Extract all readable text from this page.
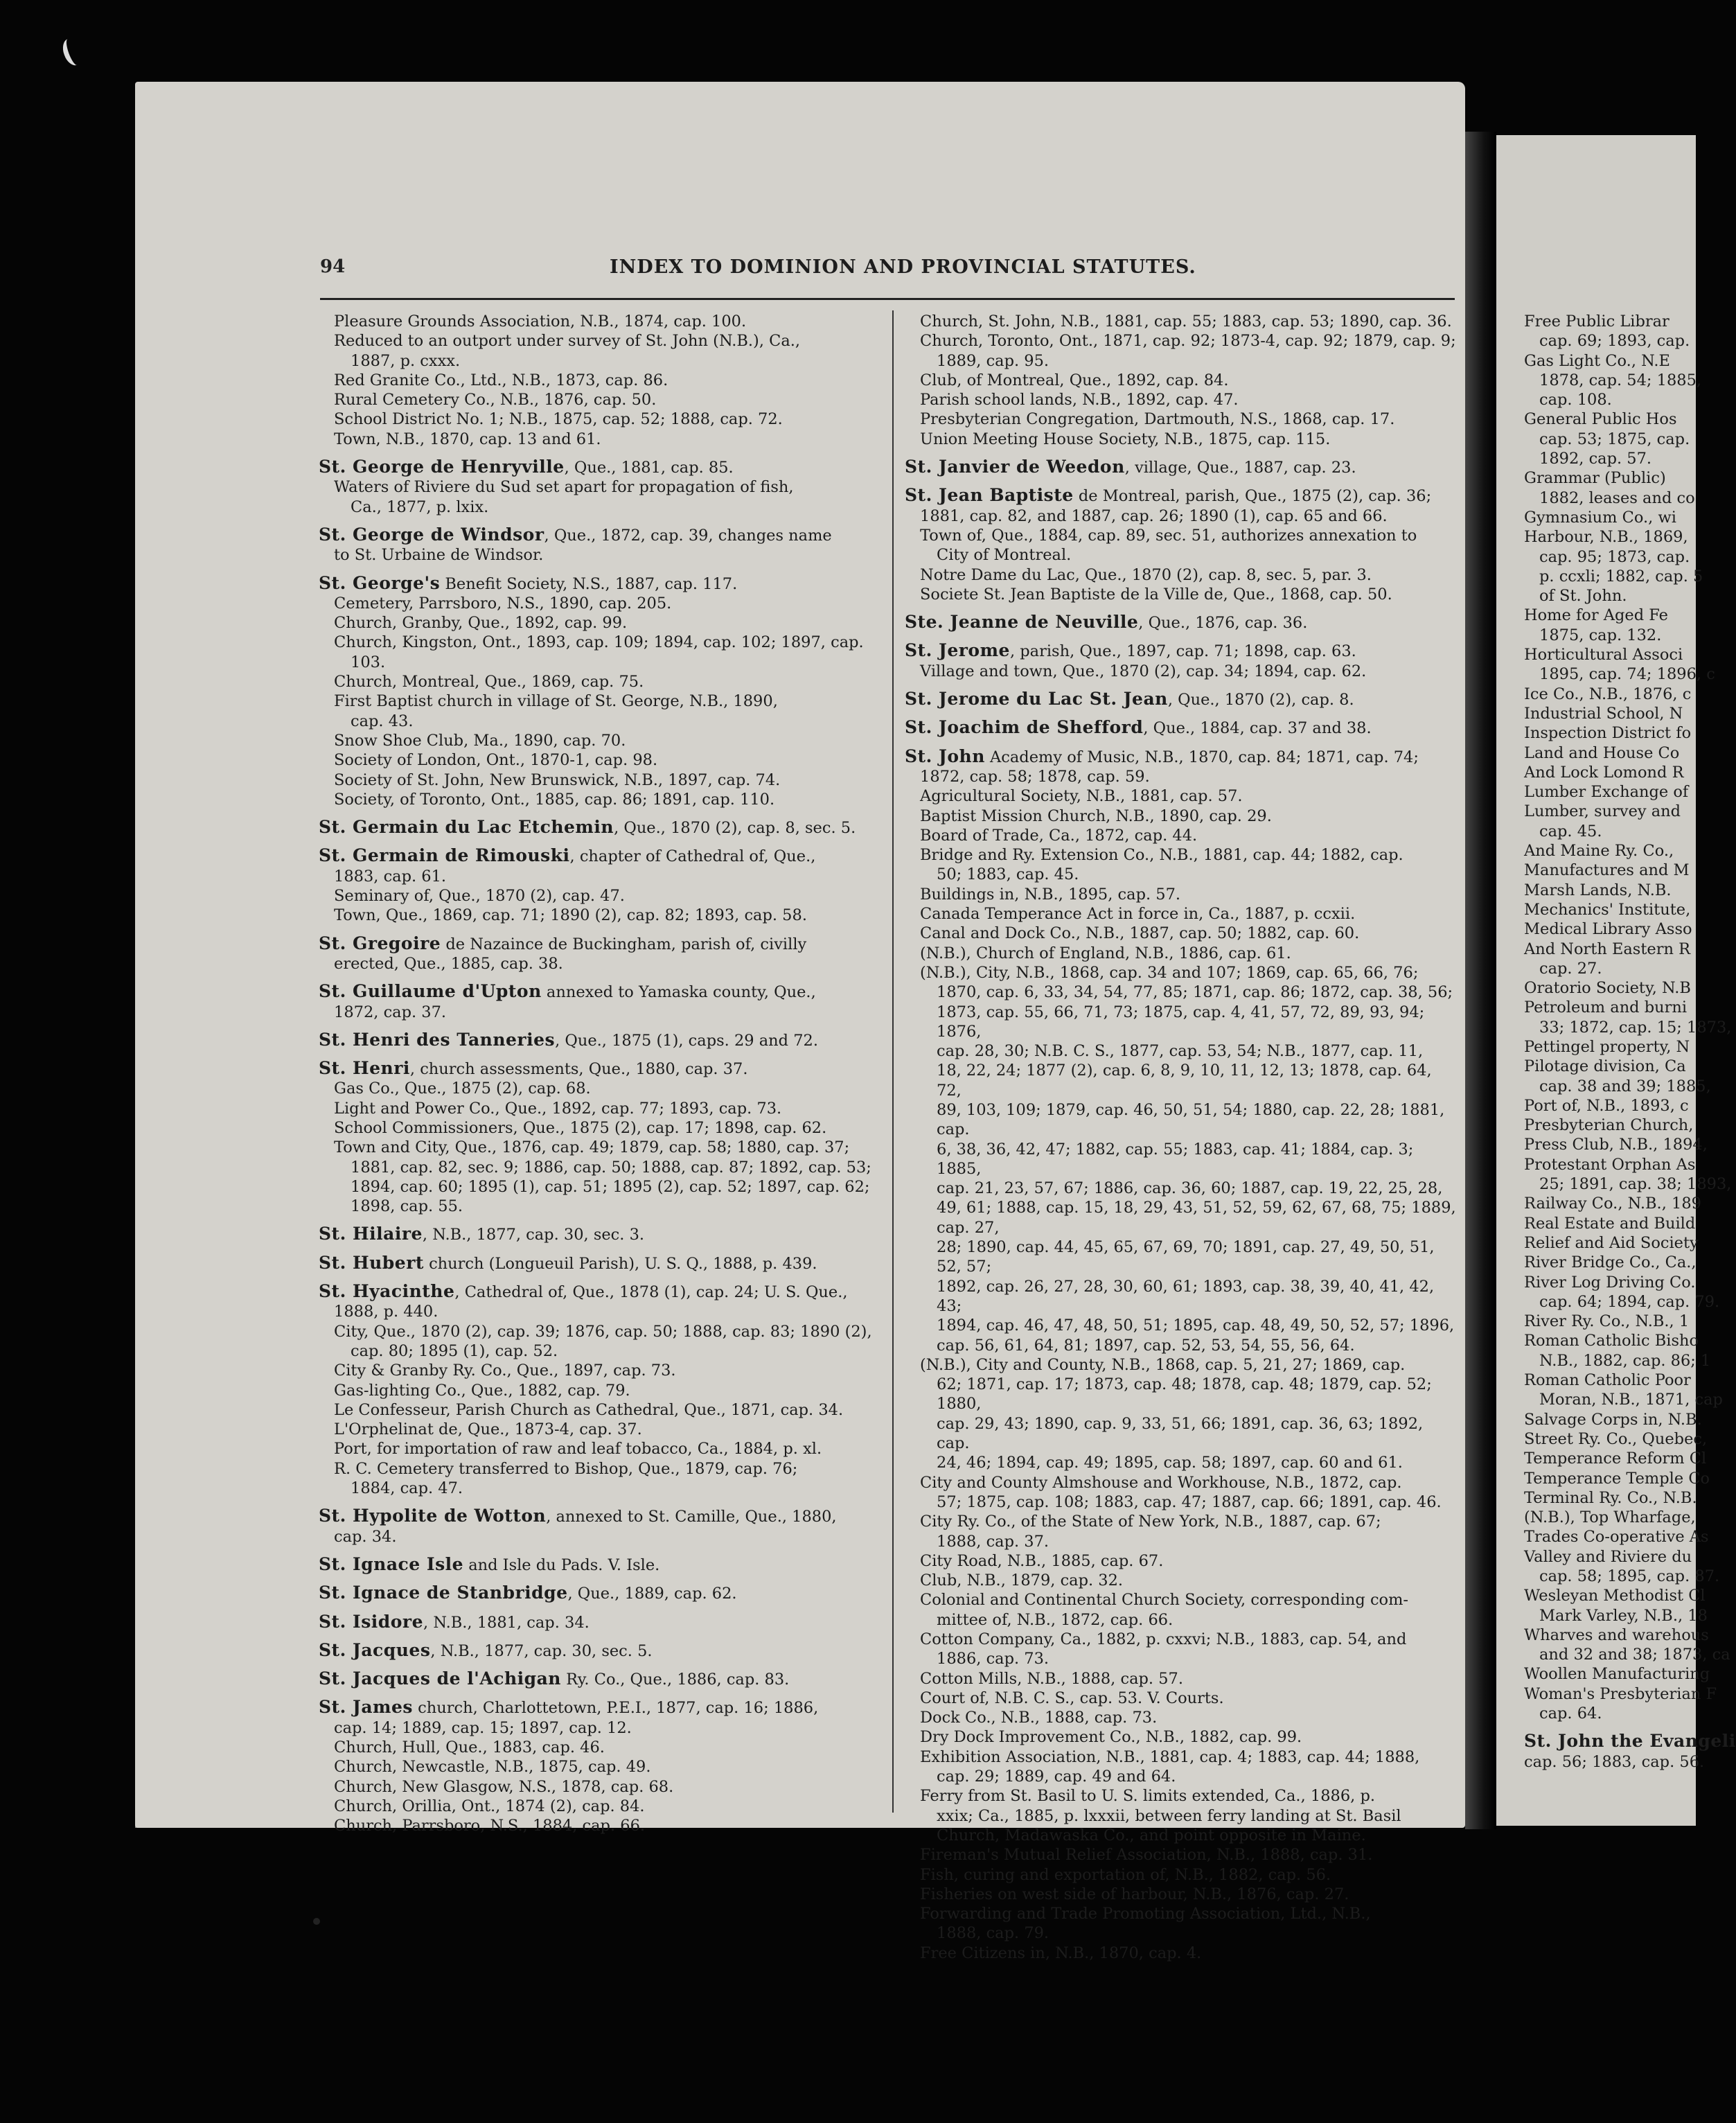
94	INDEX TO DOMINION AND PROVINCIAL STATUTES.
Pleasure Grounds Association, N.B., 1874, cap. 100.
Reduced to an outport under survey of St. John (N.B.), Ca.,
1887, p. cxxx.
Red Granite Co., Ltd., N.B., 1873, cap. 86.
Rural Cemetery Co., N.B., 1876, cap. 50.
School District No. 1; N.B., 1875, cap. 52; 1888, cap. 72.
Town, N.B., 1870, cap. 13 and 61.
St. George de Henryville, Que., 1881, cap. 85.
Waters of Riviere du Sud set apart for propagation of fish,
Ca., 1877, p. lxix.
St. George de Windsor, Que., 1872, cap. 39, changes name
to St. Urbaine de Windsor.
St. George's Benefit Society, N.S., 1887, cap. 117.
Cemetery, Parrsboro, N.S., 1890, cap. 205.
Church, Granby, Que., 1892, cap. 99.
Church, Kingston, Ont., 1893, cap. 109; 1894, cap. 102; 1897, cap.
103.
Church, Montreal, Que., 1869, cap. 75.
First Baptist church in village of St. George, N.B., 1890,
cap. 43.
Snow Shoe Club, Ma., 1890, cap. 70.
Society of London, Ont., 1870-1, cap. 98.
Society of St. John, New Brunswick, N.B., 1897, cap. 74.
Society, of Toronto, Ont., 1885, cap. 86; 1891, cap. 110.
St. Germain du Lac Etchemin, Que., 1870 (2), cap. 8, sec. 5.
St. Germain de Rimouski, chapter of Cathedral of, Que.,
1883, cap. 61.
Seminary of, Que., 1870 (2), cap. 47.
Town, Que., 1869, cap. 71; 1890 (2), cap. 82; 1893, cap. 58.
St. Gregoire de Nazaince de Buckingham, parish of, civilly
erected, Que., 1885, cap. 38.
St. Guillaume d'Upton annexed to Yamaska county, Que.,
1872, cap. 37.
St. Henri des Tanneries, Que., 1875 (1), caps. 29 and 72.
St. Henri, church assessments, Que., 1880, cap. 37.
Gas Co., Que., 1875 (2), cap. 68.
Light and Power Co., Que., 1892, cap. 77; 1893, cap. 73.
School Commissioners, Que., 1875 (2), cap. 17; 1898, cap. 62.
Town and City, Que., 1876, cap. 49; 1879, cap. 58; 1880, cap. 37;
1881, cap. 82, sec. 9; 1886, cap. 50; 1888, cap. 87; 1892, cap. 53;
1894, cap. 60; 1895 (1), cap. 51; 1895 (2), cap. 52; 1897, cap. 62;
1898, cap. 55.
St. Hilaire, N.B., 1877, cap. 30, sec. 3.
St. Hubert church (Longueuil Parish), U. S. Q., 1888, p. 439.
St. Hyacinthe, Cathedral of, Que., 1878 (1), cap. 24; U. S. Que.,
1888, p. 440.
City, Que., 1870 (2), cap. 39; 1876, cap. 50; 1888, cap. 83; 1890 (2),
cap. 80; 1895 (1), cap. 52.
City & Granby Ry. Co., Que., 1897, cap. 73.
Gas-lighting Co., Que., 1882, cap. 79.
Le Confesseur, Parish Church as Cathedral, Que., 1871, cap. 34.
L'Orphelinat de, Que., 1873-4, cap. 37.
Port, for importation of raw and leaf tobacco, Ca., 1884, p. xl.
R. C. Cemetery transferred to Bishop, Que., 1879, cap. 76;
1884, cap. 47.
St. Hypolite de Wotton, annexed to St. Camille, Que., 1880,
cap. 34.
St. Ignace Isle and Isle du Pads. V. Isle.
St. Ignace de Stanbridge, Que., 1889, cap. 62.
St. Isidore, N.B., 1881, cap. 34.
St. Jacques, N.B., 1877, cap. 30, sec. 5.
St. Jacques de l'Achigan Ry. Co., Que., 1886, cap. 83.
St. James church, Charlottetown, P.E.I., 1877, cap. 16; 1886,
cap. 14; 1889, cap. 15; 1897, cap. 12.
Church, Hull, Que., 1883, cap. 46.
Church, Newcastle, N.B., 1875, cap. 49.
Church, New Glasgow, N.S., 1878, cap. 68.
Church, Orillia, Ont., 1874 (2), cap. 84.
Church, Parrsboro, N.S., 1884, cap. 66.
Church, St. John, N.B., 1881, cap. 55; 1883, cap. 53; 1890, cap. 36.
Church, Toronto, Ont., 1871, cap. 92; 1873-4, cap. 92; 1879, cap. 9;
1889, cap. 95.
Club, of Montreal, Que., 1892, cap. 84.
Parish school lands, N.B., 1892, cap. 47.
Presbyterian Congregation, Dartmouth, N.S., 1868, cap. 17.
Union Meeting House Society, N.B., 1875, cap. 115.
St. Janvier de Weedon, village, Que., 1887, cap. 23.
St. Jean Baptiste de Montreal, parish, Que., 1875 (2), cap. 36;
1881, cap. 82, and 1887, cap. 26; 1890 (1), cap. 65 and 66.
Town of, Que., 1884, cap. 89, sec. 51, authorizes annexation to
City of Montreal.
Notre Dame du Lac, Que., 1870 (2), cap. 8, sec. 5, par. 3.
Societe St. Jean Baptiste de la Ville de, Que., 1868, cap. 50.
Ste. Jeanne de Neuville, Que., 1876, cap. 36.
St. Jerome, parish, Que., 1897, cap. 71; 1898, cap. 63.
Village and town, Que., 1870 (2), cap. 34; 1894, cap. 62.
St. Jerome du Lac St. Jean, Que., 1870 (2), cap. 8.
St. Joachim de Shefford, Que., 1884, cap. 37 and 38.
St. John Academy of Music, N.B., 1870, cap. 84; 1871, cap. 74;
1872, cap. 58; 1878, cap. 59.
Agricultural Society, N.B., 1881, cap. 57.
Baptist Mission Church, N.B., 1890, cap. 29.
Board of Trade, Ca., 1872, cap. 44.
Bridge and Ry. Extension Co., N.B., 1881, cap. 44; 1882, cap.
50; 1883, cap. 45.
Buildings in, N.B., 1895, cap. 57.
Canada Temperance Act in force in, Ca., 1887, p. ccxii.
Canal and Dock Co., N.B., 1887, cap. 50; 1882, cap. 60.
(N.B.), Church of England, N.B., 1886, cap. 61.
(N.B.), City, N.B., 1868, cap. 34 and 107; 1869, cap. 65, 66, 76;
1870, cap. 6, 33, 34, 54, 77, 85; 1871, cap. 86; 1872, cap. 38, 56;
1873, cap. 55, 66, 71, 73; 1875, cap. 4, 41, 57, 72, 89, 93, 94; 1876,
cap. 28, 30; N.B. C. S., 1877, cap. 53, 54; N.B., 1877, cap. 11,
18, 22, 24; 1877 (2), cap. 6, 8, 9, 10, 11, 12, 13; 1878, cap. 64, 72,
89, 103, 109; 1879, cap. 46, 50, 51, 54; 1880, cap. 22, 28; 1881, cap.
6, 38, 36, 42, 47; 1882, cap. 55; 1883, cap. 41; 1884, cap. 3; 1885,
cap. 21, 23, 57, 67; 1886, cap. 36, 60; 1887, cap. 19, 22, 25, 28,
49, 61; 1888, cap. 15, 18, 29, 43, 51, 52, 59, 62, 67, 68, 75; 1889, cap. 27,
28; 1890, cap. 44, 45, 65, 67, 69, 70; 1891, cap. 27, 49, 50, 51, 52, 57;
1892, cap. 26, 27, 28, 30, 60, 61; 1893, cap. 38, 39, 40, 41, 42, 43;
1894, cap. 46, 47, 48, 50, 51; 1895, cap. 48, 49, 50, 52, 57; 1896,
cap. 56, 61, 64, 81; 1897, cap. 52, 53, 54, 55, 56, 64.
(N.B.), City and County, N.B., 1868, cap. 5, 21, 27; 1869, cap.
62; 1871, cap. 17; 1873, cap. 48; 1878, cap. 48; 1879, cap. 52; 1880,
cap. 29, 43; 1890, cap. 9, 33, 51, 66; 1891, cap. 36, 63; 1892, cap.
24, 46; 1894, cap. 49; 1895, cap. 58; 1897, cap. 60 and 61.
City and County Almshouse and Workhouse, N.B., 1872, cap.
57; 1875, cap. 108; 1883, cap. 47; 1887, cap. 66; 1891, cap. 46.
City Ry. Co., of the State of New York, N.B., 1887, cap. 67;
1888, cap. 37.
City Road, N.B., 1885, cap. 67.
Club, N.B., 1879, cap. 32.
Colonial and Continental Church Society, corresponding com-
mittee of, N.B., 1872, cap. 66.
Cotton Company, Ca., 1882, p. cxxvi; N.B., 1883, cap. 54, and
1886, cap. 73.
Cotton Mills, N.B., 1888, cap. 57.
Court of, N.B. C. S., cap. 53. V. Courts.
Dock Co., N.B., 1888, cap. 73.
Dry Dock Improvement Co., N.B., 1882, cap. 99.
Exhibition Association, N.B., 1881, cap. 4; 1883, cap. 44; 1888,
cap. 29; 1889, cap. 49 and 64.
Ferry from St. Basil to U. S. limits extended, Ca., 1886, p.
xxix; Ca., 1885, p. lxxxii, between ferry landing at St. Basil
Church, Madawaska Co., and point opposite in Maine.
Fireman's Mutual Relief Association, N.B., 1888, cap. 31.
Fish, curing and exportation of, N.B., 1882, cap. 56.
Fisheries on west side of harbour, N.B., 1876, cap. 27.
Forwarding and Trade Promoting Association, Ltd., N.B.,
1888, cap. 79.
Free Citizens in, N.B., 1870, cap. 4.
Free Public Librar
cap. 69; 1893, cap.
Gas Light Co., N.E
1878, cap. 54; 1885,
cap. 108.
General Public Hos
cap. 53; 1875, cap.
1892, cap. 57.
Grammar (Public)
1882, leases and co
Gymnasium Co., wi
Harbour, N.B., 1869,
cap. 95; 1873, cap.
p. ccxli; 1882, cap. 5
of St. John.
Home for Aged Fe
1875, cap. 132.
Horticultural Associ
1895, cap. 74; 1896, c
Ice Co., N.B., 1876, c
Industrial School, N
Inspection District fo
Land and House Co
And Lock Lomond R
Lumber Exchange of
Lumber, survey and
cap. 45.
And Maine Ry. Co.,
Manufactures and M
Marsh Lands, N.B.
Mechanics' Institute,
Medical Library Asso
And North Eastern R
cap. 27.
Oratorio Society, N.B
Petroleum and burni
33; 1872, cap. 15; 1873,
Pettingel property, N
Pilotage division, Ca
cap. 38 and 39; 1885,
Port of, N.B., 1893, c
Presbyterian Church,
Press Club, N.B., 1894,
Protestant Orphan As
25; 1891, cap. 38; 1893,
Railway Co., N.B., 189
Real Estate and Build
Relief and Aid Society
River Bridge Co., Ca.,
River Log Driving Co.
cap. 64; 1894, cap. 79.
River Ry. Co., N.B., 1
Roman Catholic Bisho
N.B., 1882, cap. 86; 1
Roman Catholic Poor
Moran, N.B., 1871, cap
Salvage Corps in, N.B.
Street Ry. Co., Quebec,
Temperance Reform Cl
Temperance Temple Co
Terminal Ry. Co., N.B.
(N.B.), Top Wharfage,
Trades Co-operative As
Valley and Riviere du
cap. 58; 1895, cap. 87.
Wesleyan Methodist Cl
Mark Varley, N.B., 18
Wharves and warehous
and 32 and 38; 1873, ca
Woollen Manufacturing
Woman's Presbyterian F
cap. 64.
St. John the Evangeli
cap. 56; 1883, cap. 56.
